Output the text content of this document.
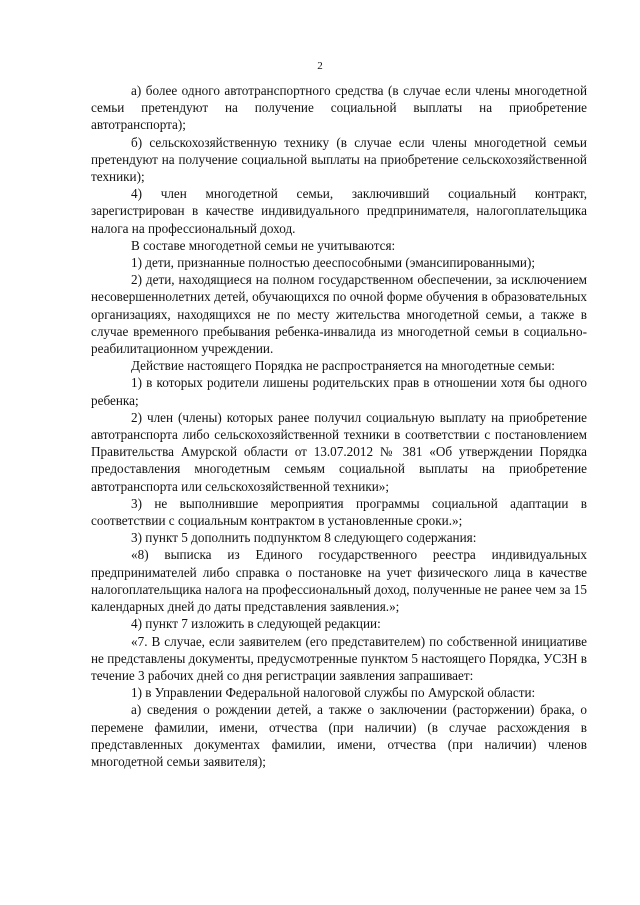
2

а) более одного автотранспортного средства (в случае если члены многодетной семьи претендуют на получение социальной выплаты на приобретение автотранспорта);

б) сельскохозяйственную технику (в случае если члены многодетной семьи претендуют на получение социальной выплаты на приобретение сельскохозяйственной техники);

4) член многодетной семьи, заключивший социальный контракт, зарегистрирован в качестве индивидуального предпринимателя, налогоплательщика налога на профессиональный доход.

В составе многодетной семьи не учитываются:

1) дети, признанные полностью дееспособными (эмансипированными);

2) дети, находящиеся на полном государственном обеспечении, за исключением несовершеннолетних детей, обучающихся по очной форме обучения в образовательных организациях, находящихся не по месту жительства многодетной семьи, а также в случае временного пребывания ребенка-инвалида из многодетной семьи в социально-реабилитационном учреждении.

Действие настоящего Порядка не распространяется на многодетные семьи:

1) в которых родители лишены родительских прав в отношении хотя бы одного ребенка;

2) член (члены) которых ранее получил социальную выплату на приобретение автотранспорта либо сельскохозяйственной техники в соответствии с постановлением Правительства Амурской области от 13.07.2012 № 381 «Об утверждении Порядка предоставления многодетным семьям социальной выплаты на приобретение автотранспорта или сельскохозяйственной техники»;

3) не выполнившие мероприятия программы социальной адаптации в соответствии с социальным контрактом в установленные сроки.»;

3) пункт 5 дополнить подпунктом 8 следующего содержания:

«8) выписка из Единого государственного реестра индивидуальных предпринимателей либо справка о постановке на учет физического лица в качестве налогоплательщика налога на профессиональный доход, полученные не ранее чем за 15 календарных дней до даты представления заявления.»;

4) пункт 7 изложить в следующей редакции:

«7. В случае, если заявителем (его представителем) по собственной инициативе не представлены документы, предусмотренные пунктом 5 настоящего Порядка, УСЗН в течение 3 рабочих дней со дня регистрации заявления запрашивает:

1) в Управлении Федеральной налоговой службы по Амурской области:

а) сведения о рождении детей, а также о заключении (расторжении) брака, о перемене фамилии, имени, отчества (при наличии) (в случае расхождения в представленных документах фамилии, имени, отчества (при наличии) членов многодетной семьи заявителя);
